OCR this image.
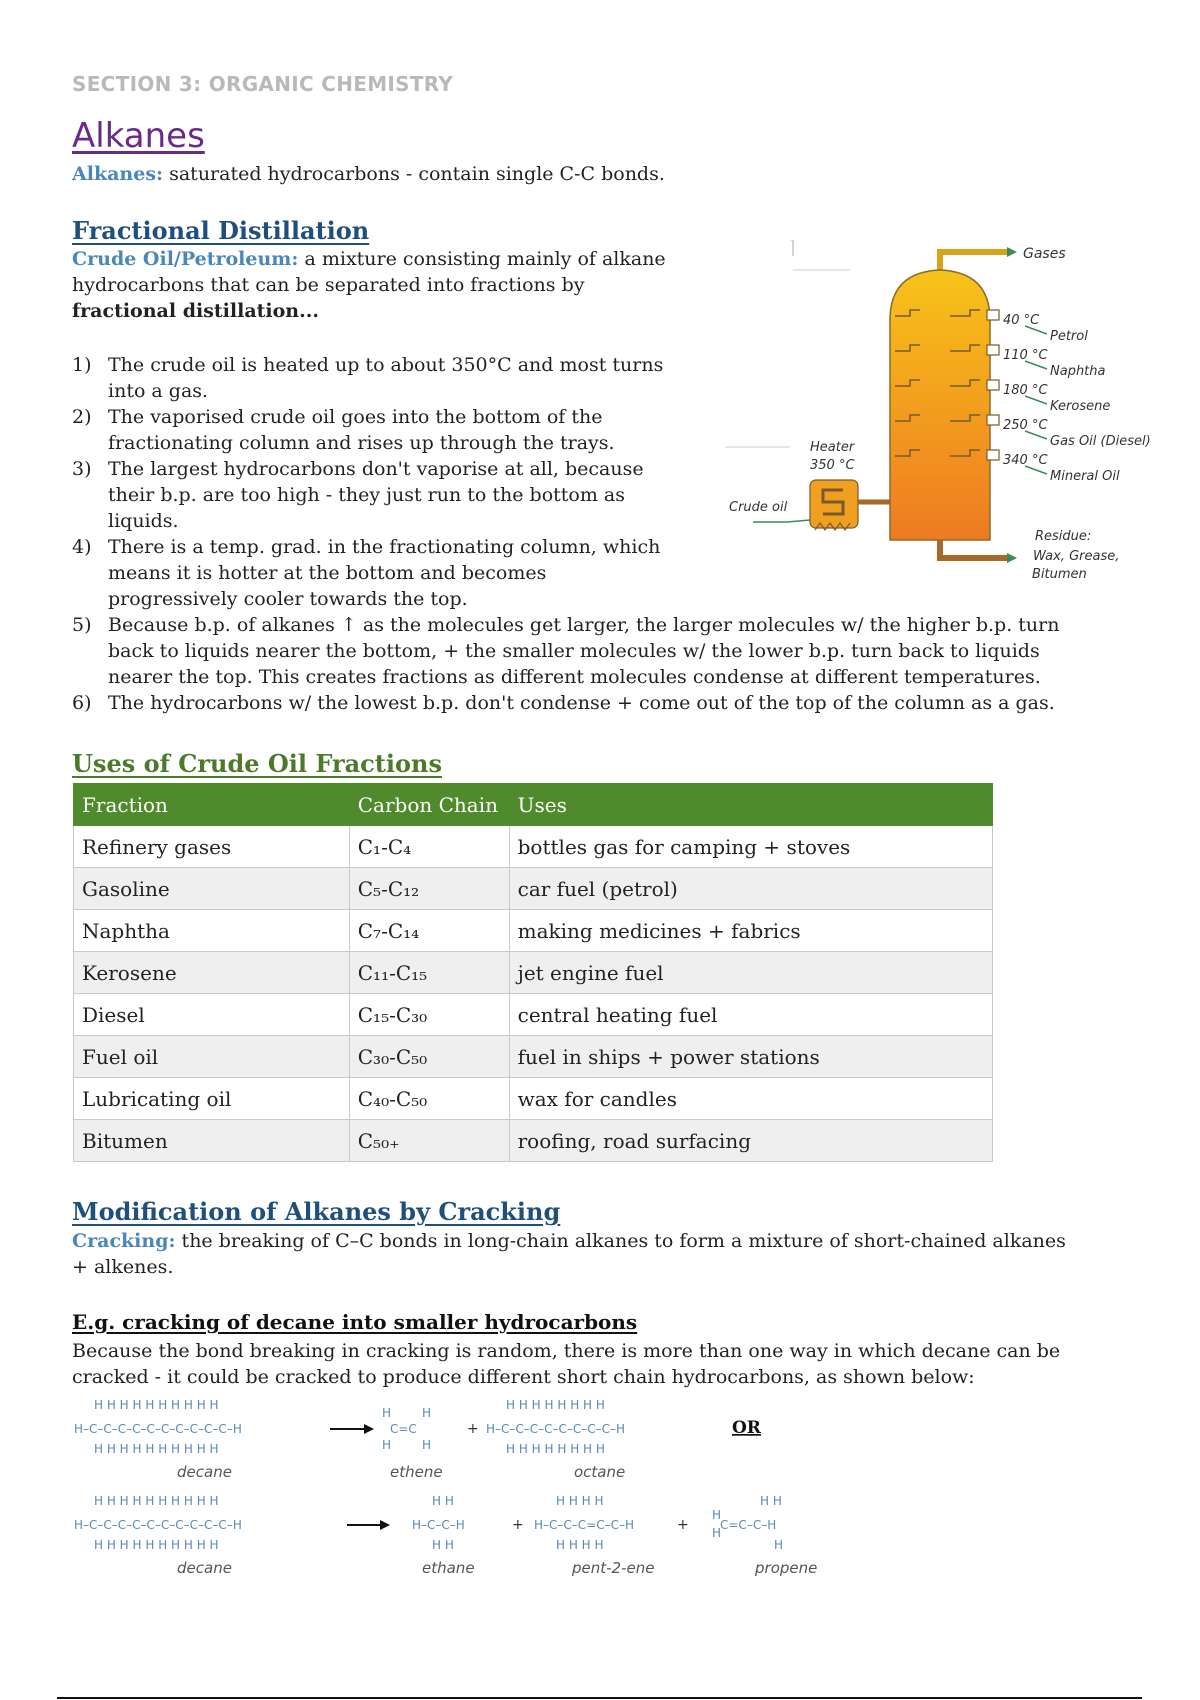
SECTION 3: ORGANIC CHEMISTRY
Alkanes
Alkanes: saturated hydrocarbons - contain single C-C bonds.
Fractional Distillation
Crude Oil/Petroleum: a mixture consisting mainly of alkane
hydrocarbons that can be separated into fractions by
fractional distillation...
1) The crude oil is heated up to about 350°C and most turns
into a gas.
2) The vaporised crude oil goes into the bottom of the
fractionating column and rises up through the trays.
3) The largest hydrocarbons don't vaporise at all, because
their b.p. are too high - they just run to the bottom as
liquids.
4) There is a temp. grad. in the fractionating column, which
means it is hotter at the bottom and becomes
progressively cooler towards the top.
5) Because b.p. of alkanes ↑ as the molecules get larger, the larger molecules w/ the higher b.p. turn
back to liquids nearer the bottom, + the smaller molecules w/ the lower b.p. turn back to liquids
nearer the top. This creates fractions as different molecules condense at different temperatures.
6) The hydrocarbons w/ the lowest b.p. don't condense + come out of the top of the column as a gas.
Gases
40 °C
Petrol
110 °C
Naphtha
180 °C
Kerosene
250 °C
Gas Oil (Diesel)
340 °C
Mineral Oil
Residue:
Wax, Grease,
Bitumen
Heater
350 °C
Crude oil
Uses of Crude Oil Fractions
Fraction	Carbon Chain	Uses
Refinery gases	C₁-C₄	bottles gas for camping + stoves
Gasoline	C₅-C₁₂	car fuel (petrol)
Naphtha	C₇-C₁₄	making medicines + fabrics
Kerosene	C₁₁-C₁₅	jet engine fuel
Diesel	C₁₅-C₃₀	central heating fuel
Fuel oil	C₃₀-C₅₀	fuel in ships + power stations
Lubricating oil	C₄₀-C₅₀	wax for candles
Bitumen	C₅₀₊	roofing, road surfacing
Modification of Alkanes by Cracking
Cracking: the breaking of C–C bonds in long-chain alkanes to form a mixture of short-chained alkanes
+ alkenes.
E.g. cracking of decane into smaller hydrocarbons
Because the bond breaking in cracking is random, there is more than one way in which decane can be
cracked - it could be cracked to produce different short chain hydrocarbons, as shown below:
H–C–C–C–C–C–C–C–C–C–C–H
H H H H H H H H H H
H H H H H H H H H H
H	H
C=C
H	H
+ H–C–C–C–C–C–C–C–C–H
H H H H H H H H
H H H H H H H H
OR
decane	ethene	octane
H–C–C–C–C–C–C–C–C–C–C–H
H H H H H H H H H H
H H H H H H H H H H
H–C–C–H
H H
H H
+ H–C–C–C=C–C–H
H H H H
H H H H
+
H
C=C–C–H
H
H H
H
decane	ethane	pent-2-ene	propene
